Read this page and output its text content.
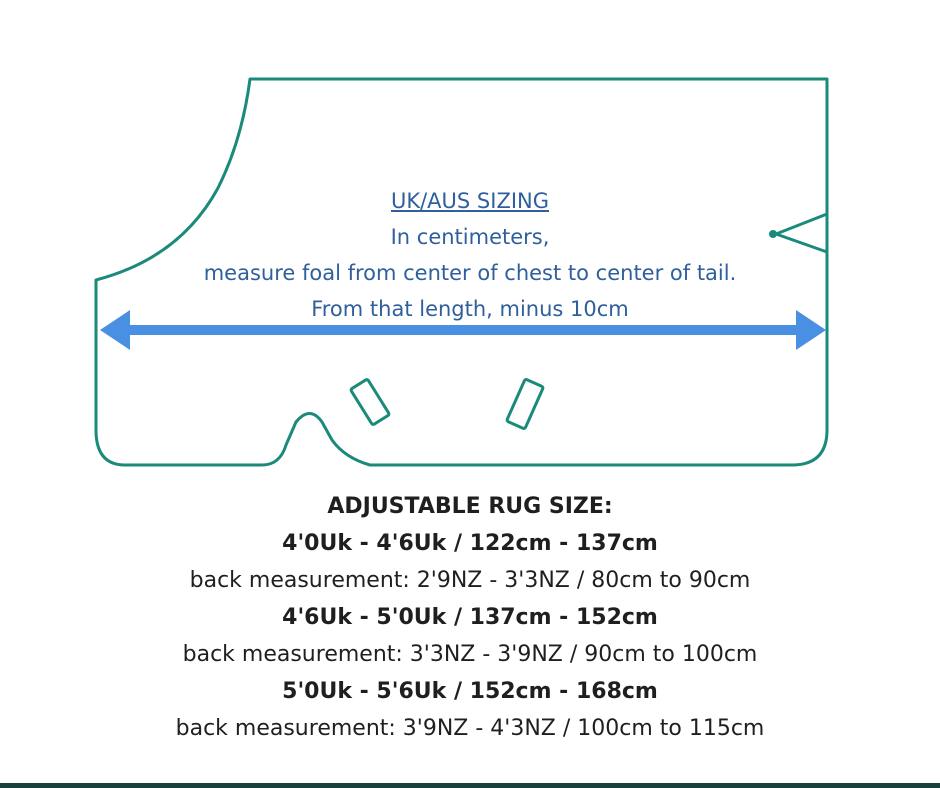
UK/AUS SIZING
In centimeters,
measure foal from center of chest to center of tail.
From that length, minus 10cm
ADJUSTABLE RUG SIZE:
4'0Uk - 4'6Uk / 122cm - 137cm
back measurement: 2'9NZ - 3'3NZ / 80cm to 90cm
4'6Uk - 5'0Uk / 137cm - 152cm
back measurement: 3'3NZ - 3'9NZ / 90cm to 100cm
5'0Uk - 5'6Uk / 152cm - 168cm
back measurement: 3'9NZ - 4'3NZ / 100cm to 115cm
